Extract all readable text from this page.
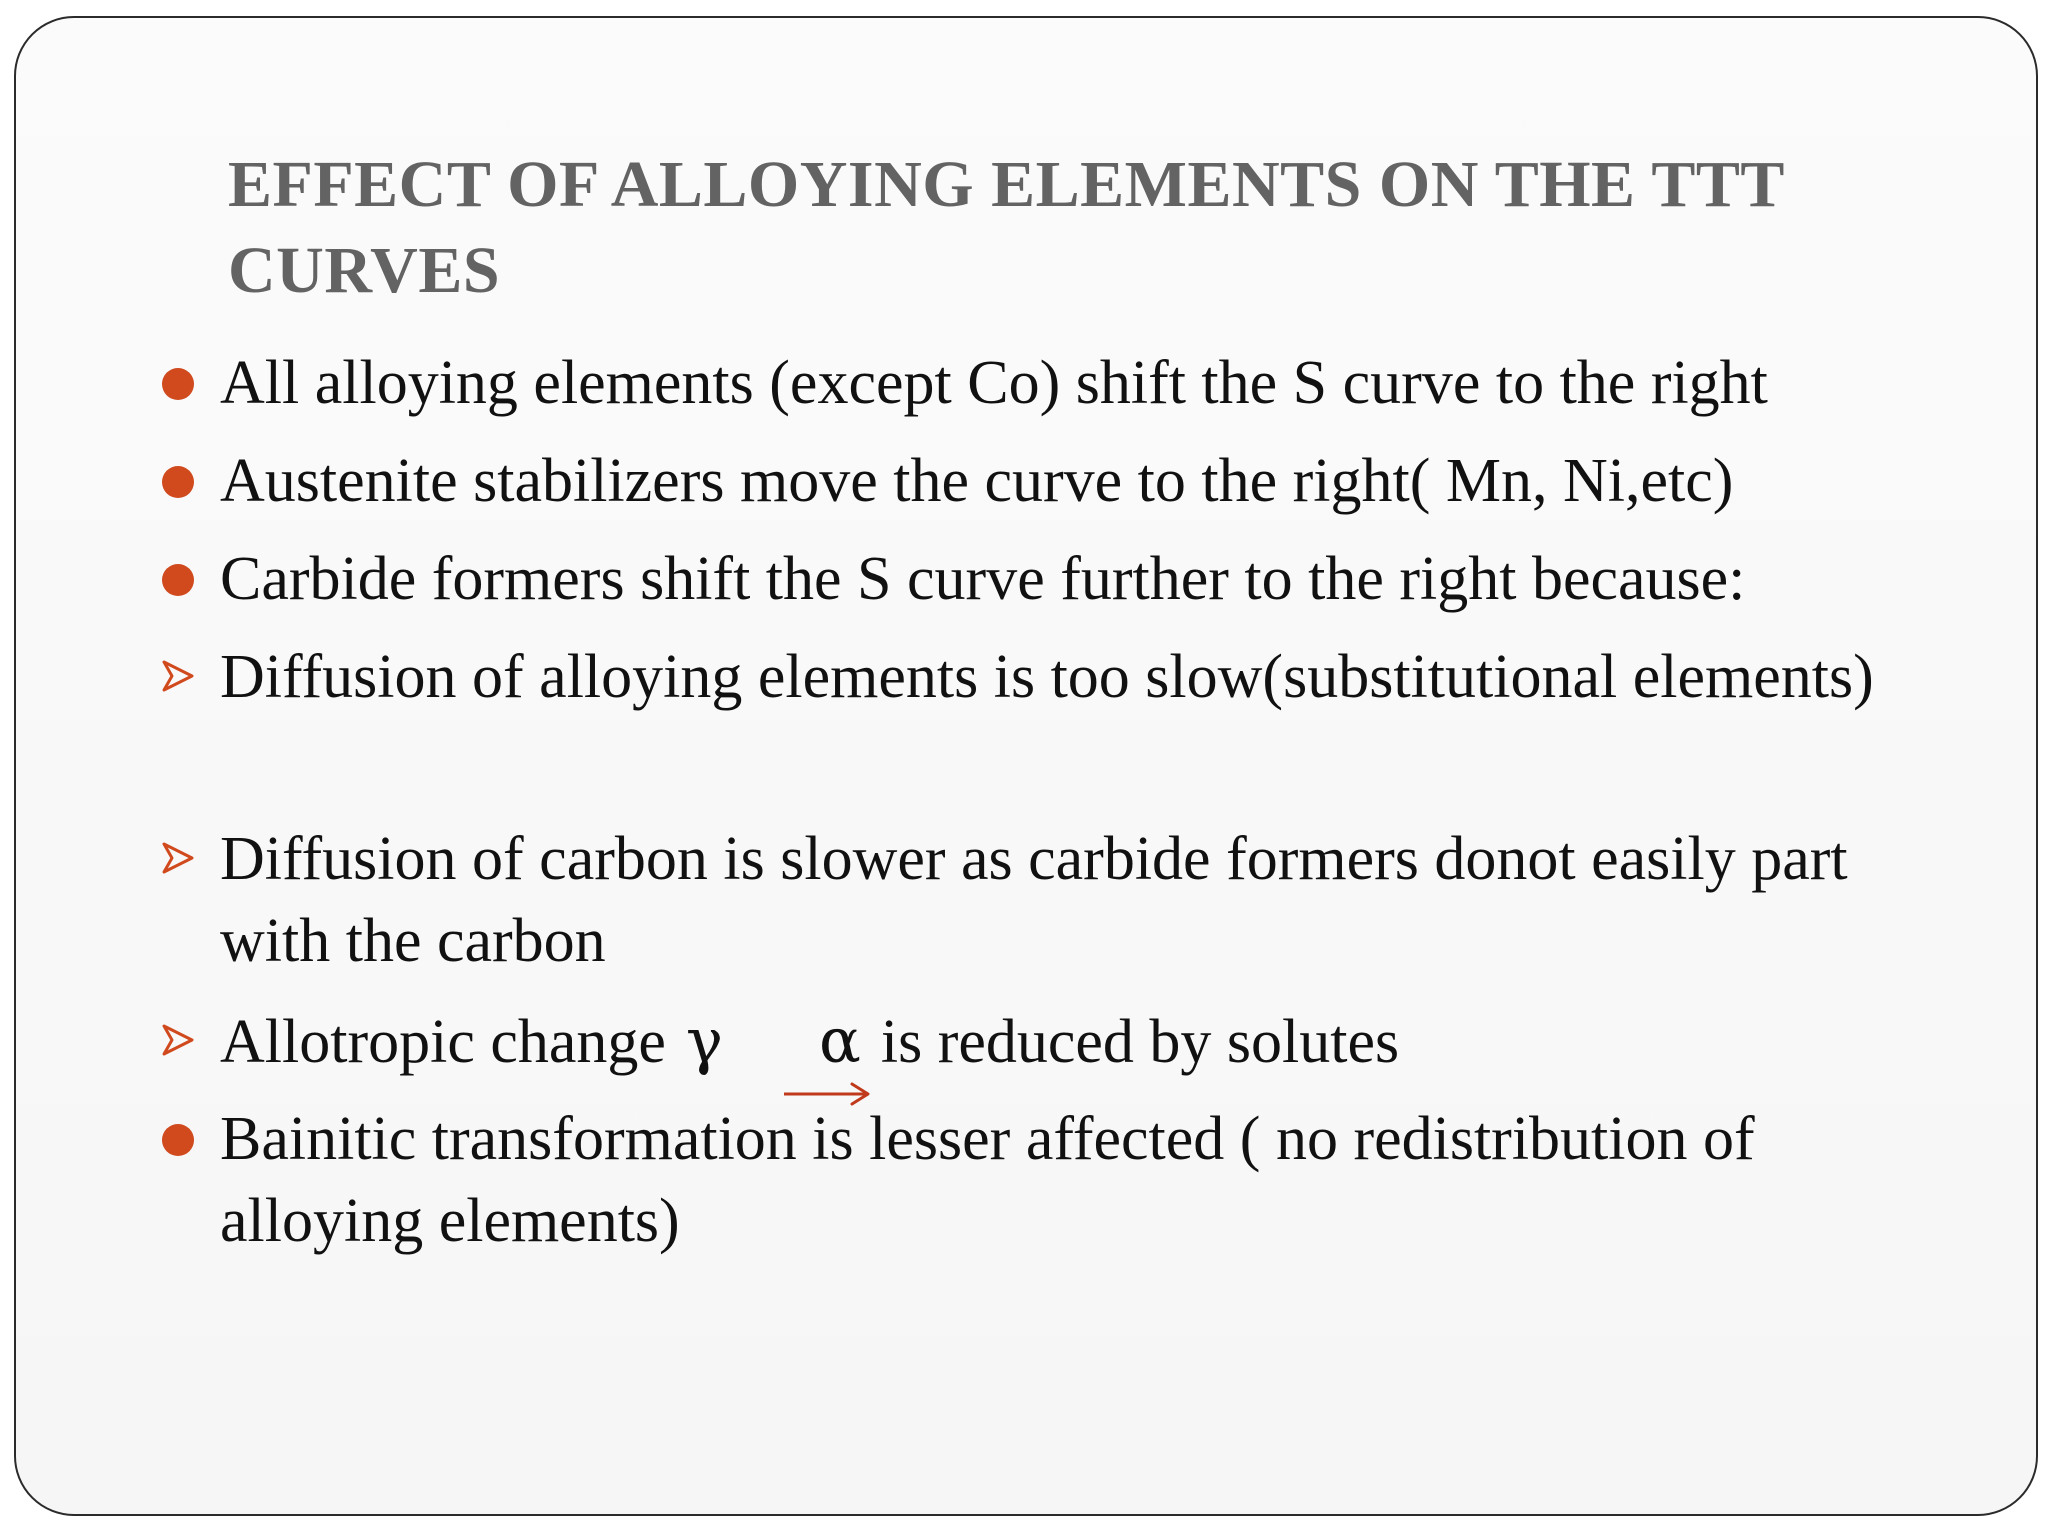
EFFECT OF ALLOYING ELEMENTS ON THE TTT CURVES
All alloying elements (except Co) shift the S curve to the right
Austenite stabilizers move the curve to the right( Mn, Ni,etc)
Carbide formers shift the S curve further to the right because:
Diffusion of alloying elements is too slow(substitutional elements)
Diffusion of carbon is slower as carbide formers donot easily part with the carbon
Allotropic change γ α is reduced by solutes
Bainitic transformation is lesser affected ( no redistribution of alloying elements)
